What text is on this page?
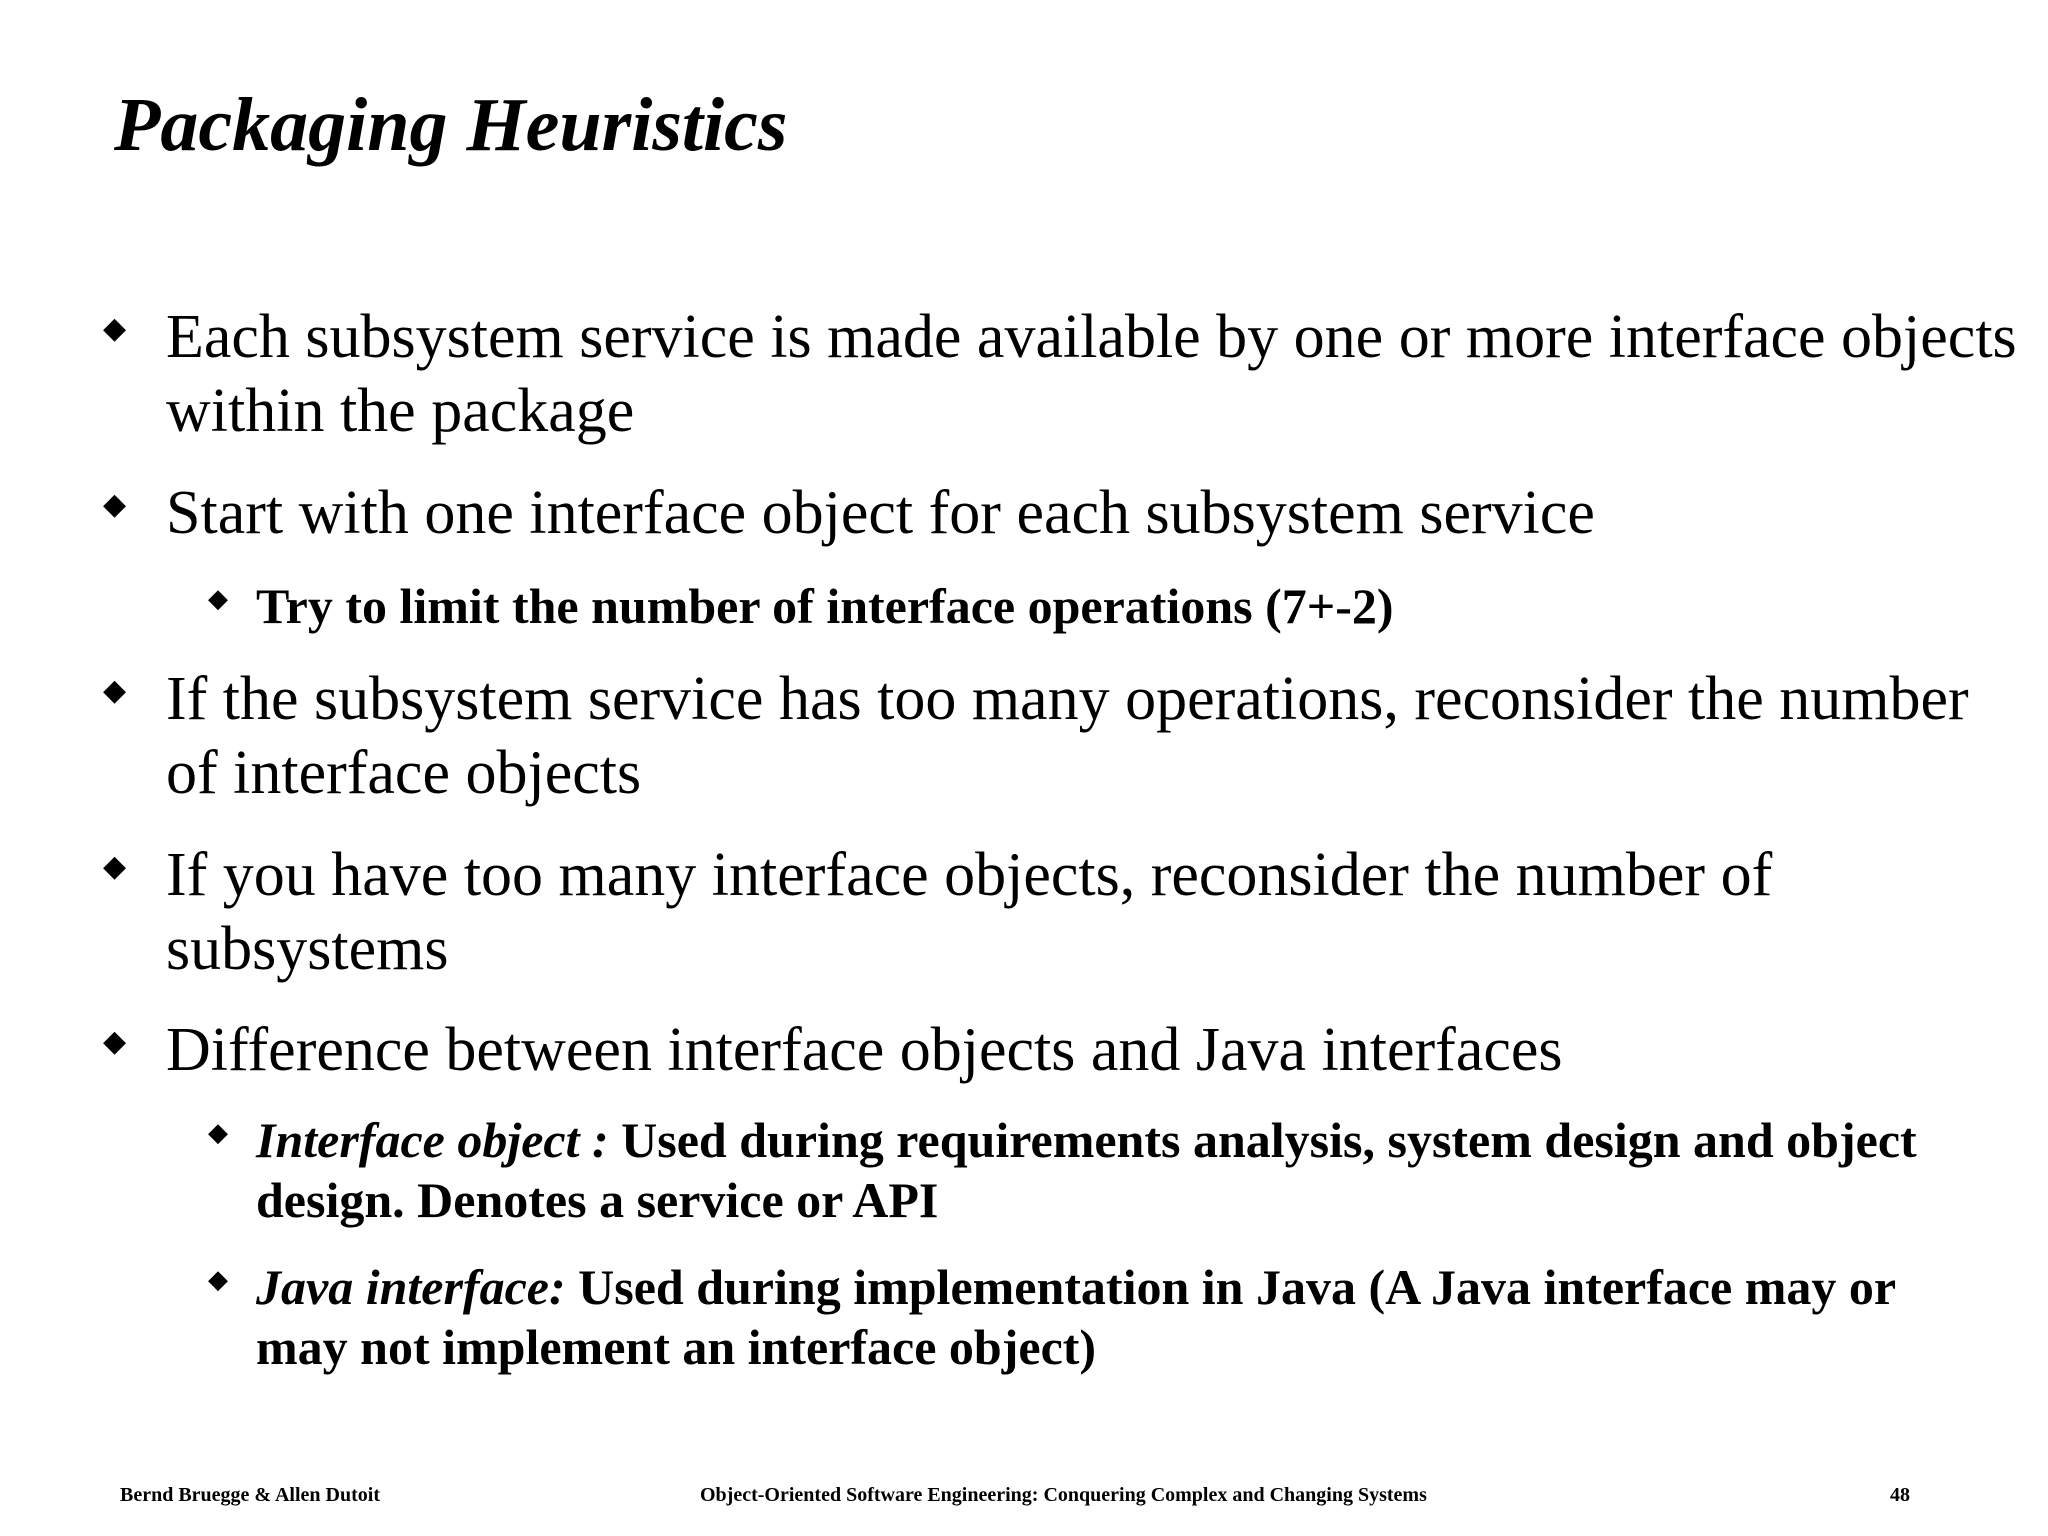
Packaging Heuristics
◆ Each subsystem service is made available by one or more interface objects within the package
◆ Start with one interface object for each subsystem service
◆ Try to limit the number of interface operations (7+-2)
◆ If the subsystem service has too many operations, reconsider the number of interface objects
◆ If you have too many interface objects, reconsider the number of subsystems
◆ Difference between interface objects and Java interfaces
◆ Interface object : Used during requirements analysis, system design and object design. Denotes a service or API
◆ Java interface: Used during implementation in Java (A Java interface may or may not implement an interface object)
Bernd Bruegge & Allen Dutoit	Object-Oriented Software Engineering: Conquering Complex and Changing Systems	48
